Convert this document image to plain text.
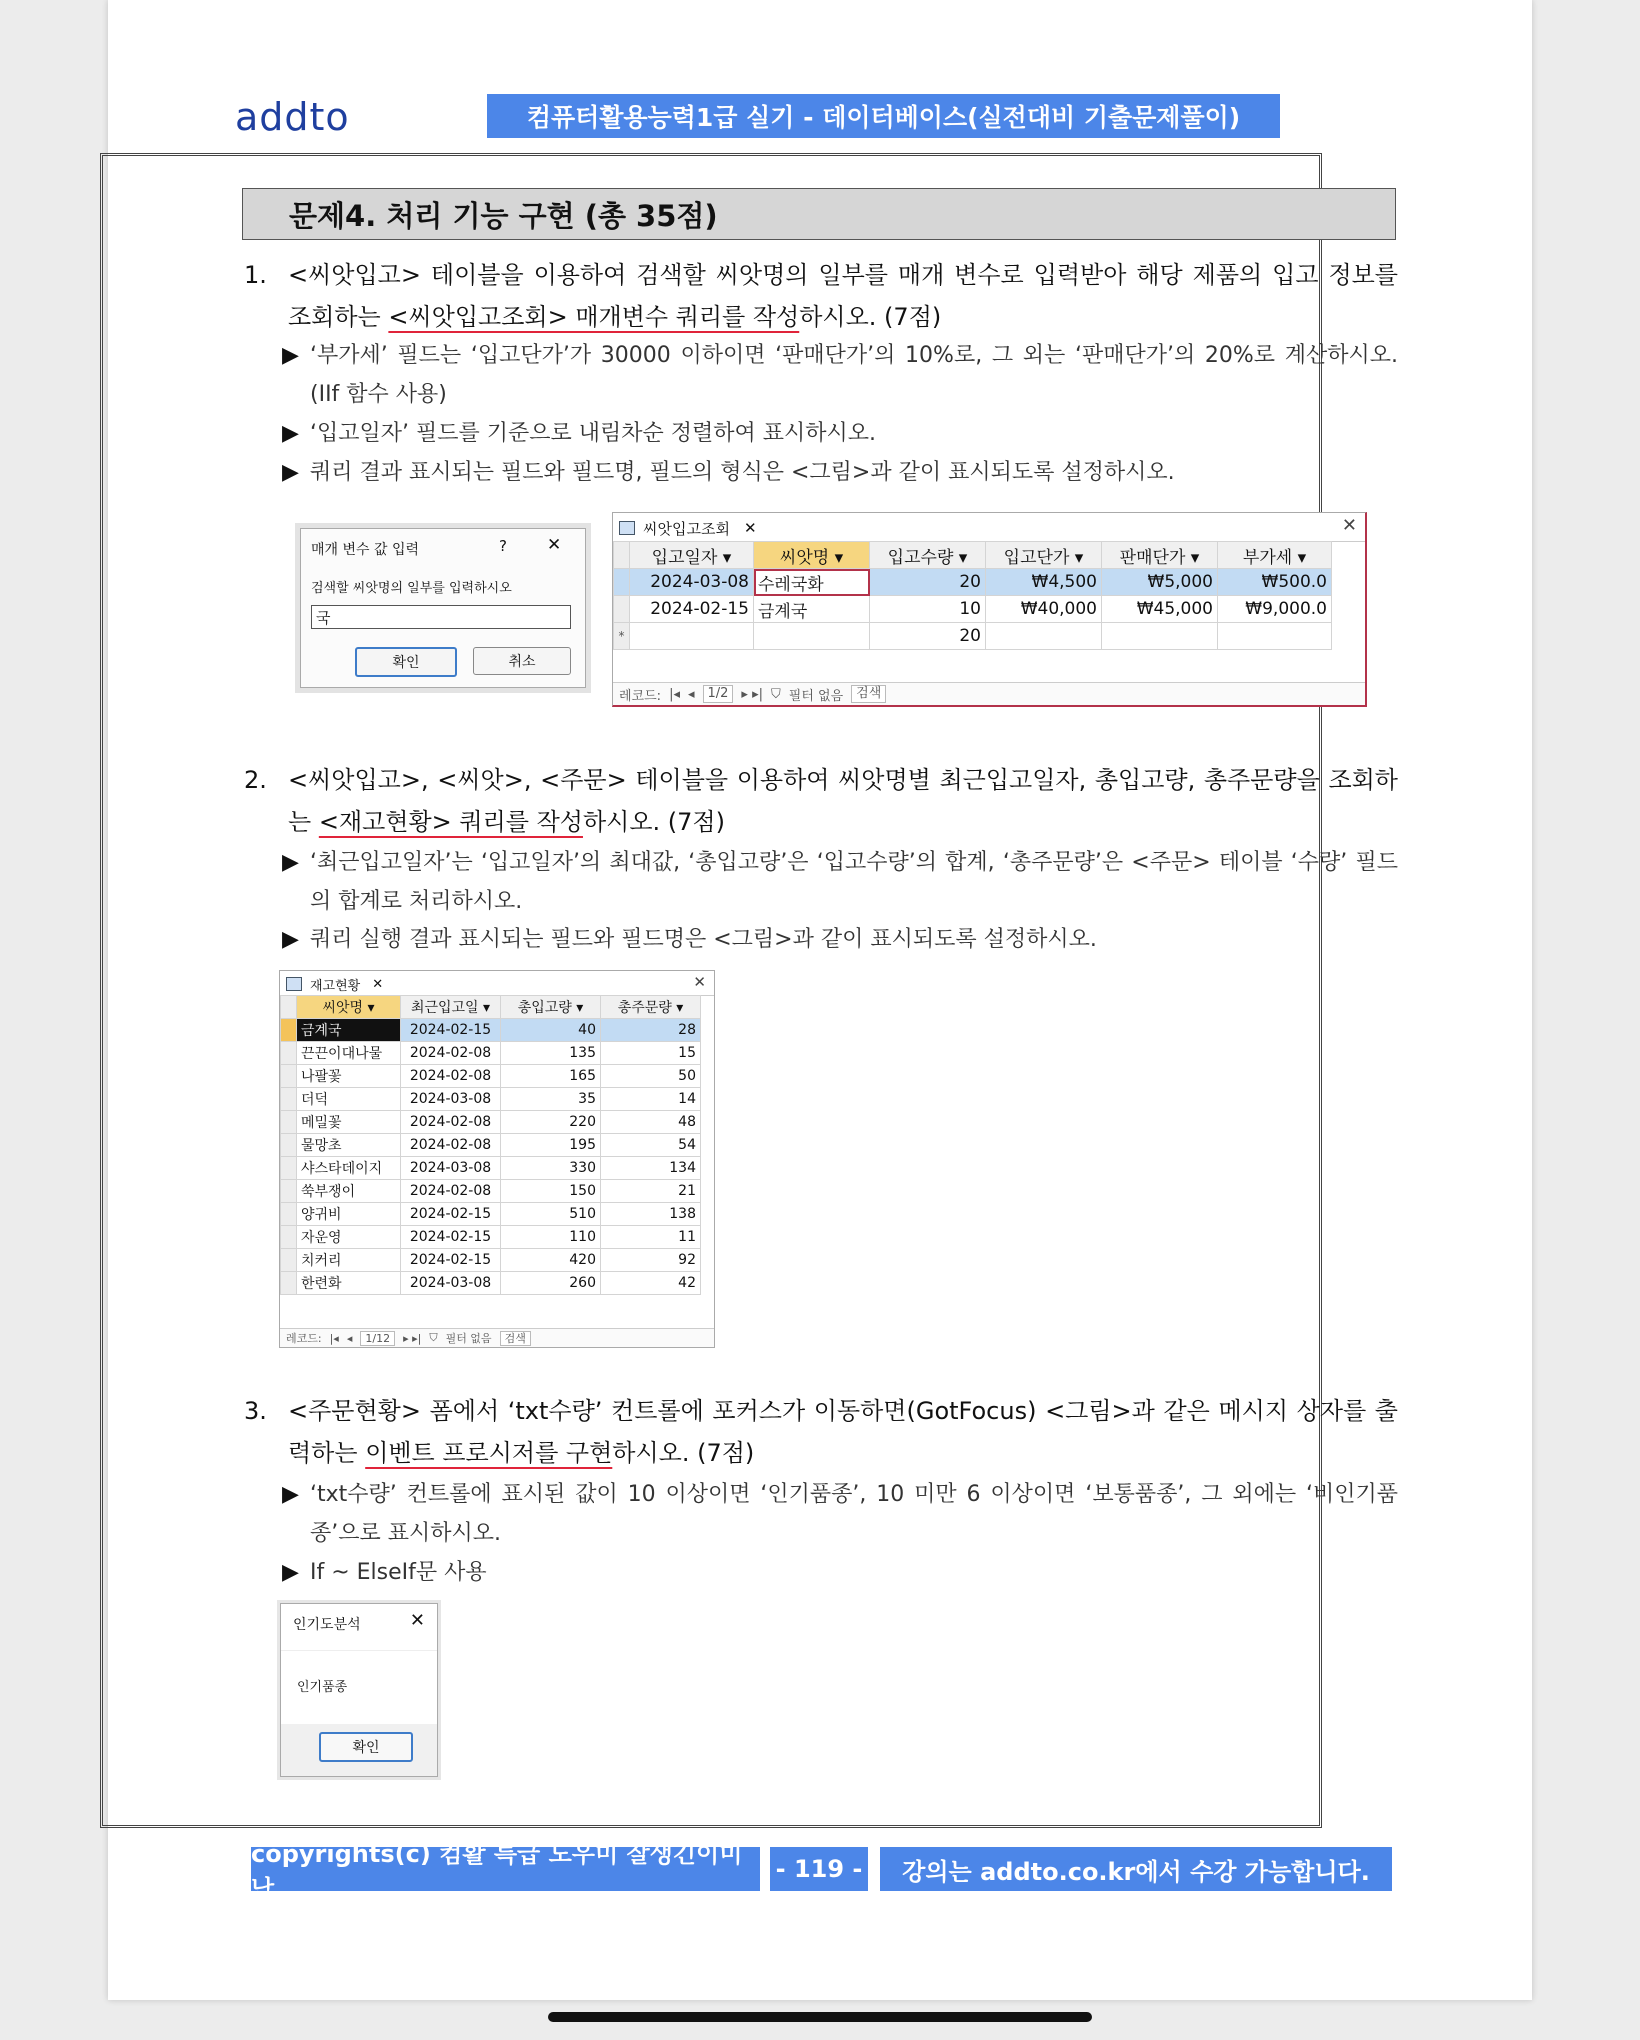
addto	컴퓨터활용능력1급 실기 - 데이터베이스(실전대비 기출문제풀이)
문제4. 처리 기능 구현 (총 35점)
1. <씨앗입고> 테이블을 이용하여 검색할 씨앗명의 일부를 매개 변수로 입력받아 해당 제품의 입고 정보를 조회하는 <씨앗입고조회> 매개변수 쿼리를 작성하시오. (7점)
▶ ‘부가세’ 필드는 ‘입고단가’가 30000 이하이면 ‘판매단가’의 10%로, 그 외는 ‘판매단가’의 20%로 계산하시오. (IIf 함수 사용)
▶ ‘입고일자’ 필드를 기준으로 내림차순 정렬하여 표시하시오.
▶ 쿼리 결과 표시되는 필드와 필드명, 필드의 형식은 <그림>과 같이 표시되도록 설정하시오.
매개 변수 값 입력	? ✕
검색할 씨앗명의 일부를 입력하시오
국
확인	취소
씨앗입고조회 ✕	✕
	입고일자 ▾	씨앗명 ▾	입고수량 ▾	입고단가 ▾	판매단가 ▾	부가세 ▾
	2024-03-08	수레국화	20	₩4,500	₩5,000	₩500.0
	2024-02-15	금계국	10	₩40,000	₩45,000	₩9,000.0
*			20			
레코드: |◂ ◂	1/2	▸ ▸| ⛉ 필터 없음	검색
2. <씨앗입고>, <씨앗>, <주문> 테이블을 이용하여 씨앗명별 최근입고일자, 총입고량, 총주문량을 조회하는 <재고현황> 쿼리를 작성하시오. (7점)
▶ ‘최근입고일자’는 ‘입고일자’의 최대값, ‘총입고량’은 ‘입고수량’의 합계, ‘총주문량’은 <주문> 테이블 ‘수량’ 필드의 합계로 처리하시오.
▶ 쿼리 실행 결과 표시되는 필드와 필드명은 <그림>과 같이 표시되도록 설정하시오.
재고현황 ✕	✕
	씨앗명 ▾	최근입고일 ▾	총입고량 ▾	총주문량 ▾
	금계국	2024-02-15	40	28
	끈끈이대나물	2024-02-08	135	15
	나팔꽃	2024-02-08	165	50
	더덕	2024-03-08	35	14
	메밀꽃	2024-02-08	220	48
	물망초	2024-02-08	195	54
	샤스타데이지	2024-03-08	330	134
	쑥부쟁이	2024-02-08	150	21
	양귀비	2024-02-15	510	138
	자운영	2024-02-15	110	11
	치커리	2024-02-15	420	92
	한련화	2024-03-08	260	42
레코드: |◂ ◂	1/12	▸ ▸| ⛉ 필터 없음	검색
3. <주문현황> 폼에서 ‘txt수량’ 컨트롤에 포커스가 이동하면(GotFocus) <그림>과 같은 메시지 상자를 출력하는 이벤트 프로시저를 구현하시오. (7점)
▶ ‘txt수량’ 컨트롤에 표시된 값이 10 이상이면 ‘인기품종’, 10 미만 6 이상이면 ‘보통품종’, 그 외에는 ‘비인기품종’으로 표시하시오.
▶ If ~ ElseIf문 사용
인기도분석	✕
인기품종
확인
copyrights(c) 컴활 특급 도우미 잘생긴이미남
- 119 -	강의는 addto.co.kr에서 수강 가능합니다.
